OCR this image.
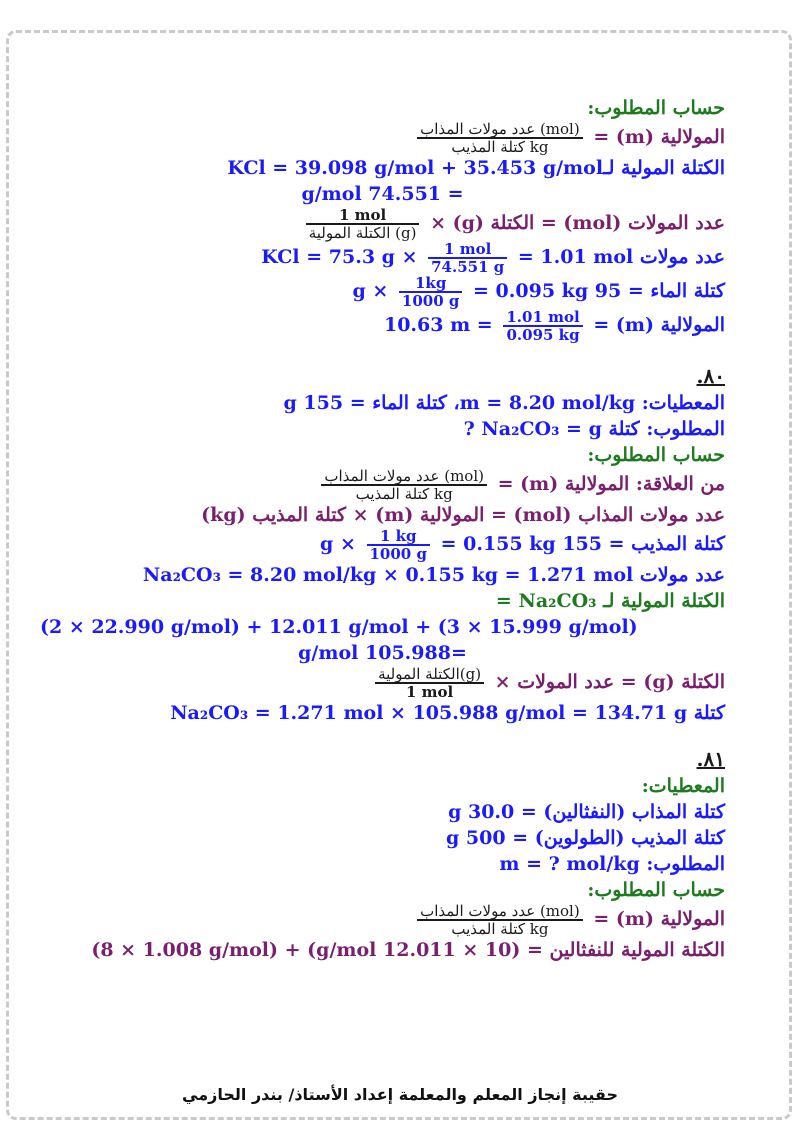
حساب المطلوب:
المولالية (m) =
$\frac{\text{عدد مولات المذاب (mol)}}{\text{كتلة المذيب kg}}$
الكتلة المولية لـKCl = 39.098 g/mol + 35.453 g/mol
= 74.551 g/mol
عدد المولات (mol) = الكتلة (g) ×
$\frac{\text{1 mol}}{\text{الكتلة المولية (g)}}$
عدد مولات KCl = 75.3 g ×
$\frac{\text{1 mol}}{74.551 g} = 1.01$ mol
كتلة الماء = 95 g ×
$\frac{1kg}{1000 g} = 0.095$ kg
المولالية (m) =
$\frac{\text{1.01 mol}}{0.095 kg}$
= 10.63 m
٨٠.
المعطيات: m = 8.20 mol/kg، كتلة الماء = 155 g
المطلوب: كتلة Na₂CO₃ = g ?
حساب المطلوب:
من العلاقة: المولالية (m) =
$\frac{\text{عدد مولات المذاب (mol)}}{\text{كتلة المذيب kg}}$
عدد مولات المذاب (mol) = المولالية (m) × كتلة المذيب (kg)
كتلة المذيب = 155 g ×
$\frac{1 kg}{1000 g} = 0.155$ kg
عدد مولات Na₂CO₃ = 8.20 mol/kg × 0.155 kg = 1.271 mol
الكتلة المولية لـ Na₂CO₃ =
(2 × 22.990 g/mol) + 12.011 g/mol + (3 × 15.999 g/mol)
=105.988 g/mol
الكتلة (g) = عدد المولات ×
$\frac{\text{الكتلة المولية(g)}}{\text{1 mol}}$
كتلة Na₂CO₃ = 1.271 mol × 105.988 g/mol = 134.71 g
٨١.
المعطيات:
كتلة المذاب (النفثالين) = 30.0 g
كتلة المذيب (الطولوين) = 500 g
المطلوب: m = ? mol/kg
حساب المطلوب:
المولالية (m) =
$\frac{\text{عدد مولات المذاب (mol)}}{\text{كتلة المذيب kg}}$
الكتلة المولية للنفثالين = (10 × 12.011 g/mol) + (8 × 1.008 g/mol)
حقيبة إنجاز المعلم والمعلمة إعداد الأستاذ/ بندر الحازمي
